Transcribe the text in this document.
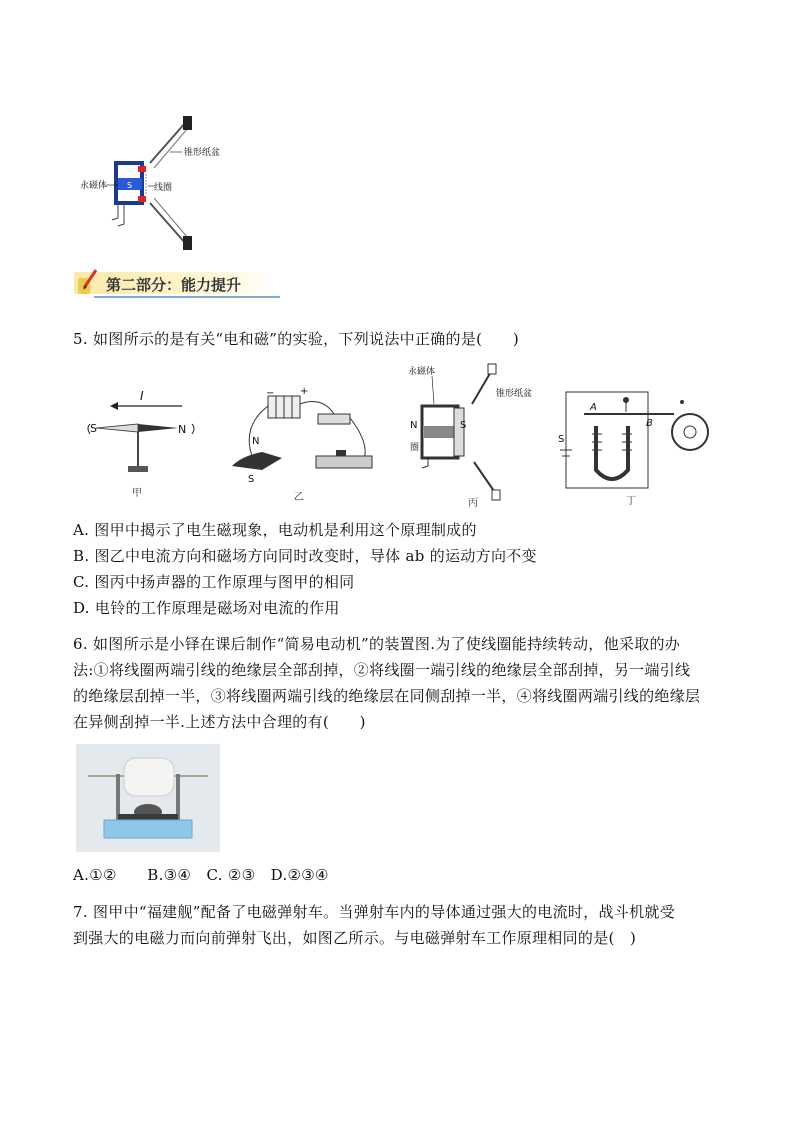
S
永磁体
锥形纸盆
线圈
第二部分：能力提升
5. 如图所示的是有关“电和磁”的实验，下列说法中正确的是(　　)
I
S	N
甲
−	+
N
S
乙
永磁体
锥形纸盆
N	S
圈
丙
A
B
S
丁
A. 图甲中揭示了电生磁现象，电动机是利用这个原理制成的
B. 图乙中电流方向和磁场方向同时改变时，导体 ab 的运动方向不变
C. 图丙中扬声器的工作原理与图甲的相同
D. 电铃的工作原理是磁场对电流的作用
6. 如图所示是小铎在课后制作“简易电动机”的装置图.为了使线圈能持续转动，他采取的办
法:①将线圈两端引线的绝缘层全部刮掉，②将线圈一端引线的绝缘层全部刮掉，另一端引线
的绝缘层刮掉一半，③将线圈两端引线的绝缘层在同侧刮掉一半，④将线圈两端引线的绝缘层
在异侧刮掉一半.上述方法中合理的有(　　)
A.①②　　B.③④　C. ②③　D.②③④
7. 图甲中“福建舰”配备了电磁弹射车。当弹射车内的导体通过强大的电流时，战斗机就受
到强大的电磁力而向前弹射飞出，如图乙所示。与电磁弹射车工作原理相同的是(　)
